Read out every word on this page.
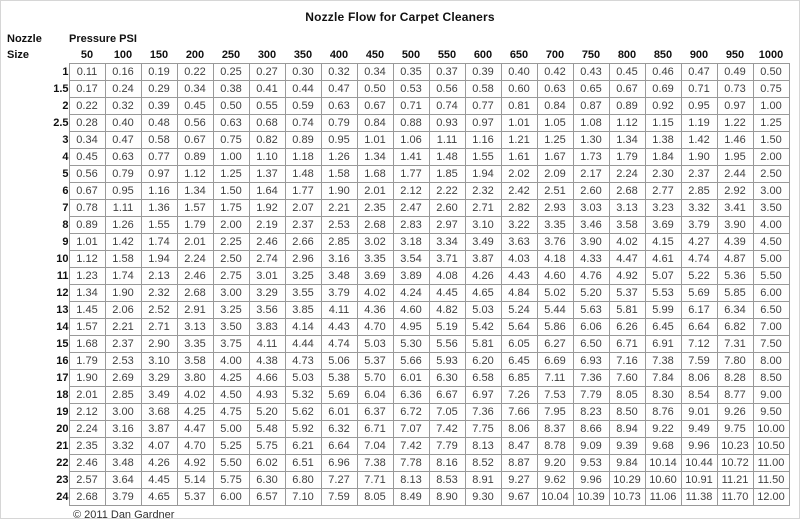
Nozzle Flow for Carpet Cleaners
Nozzle	Pressure PSI																			
Size	50	100	150	200	250	300	350	400	450	500	550	600	650	700	750	800	850	900	950	1000
1	0.11	0.16	0.19	0.22	0.25	0.27	0.30	0.32	0.34	0.35	0.37	0.39	0.40	0.42	0.43	0.45	0.46	0.47	0.49	0.50
1.5	0.17	0.24	0.29	0.34	0.38	0.41	0.44	0.47	0.50	0.53	0.56	0.58	0.60	0.63	0.65	0.67	0.69	0.71	0.73	0.75
2	0.22	0.32	0.39	0.45	0.50	0.55	0.59	0.63	0.67	0.71	0.74	0.77	0.81	0.84	0.87	0.89	0.92	0.95	0.97	1.00
2.5	0.28	0.40	0.48	0.56	0.63	0.68	0.74	0.79	0.84	0.88	0.93	0.97	1.01	1.05	1.08	1.12	1.15	1.19	1.22	1.25
3	0.34	0.47	0.58	0.67	0.75	0.82	0.89	0.95	1.01	1.06	1.11	1.16	1.21	1.25	1.30	1.34	1.38	1.42	1.46	1.50
4	0.45	0.63	0.77	0.89	1.00	1.10	1.18	1.26	1.34	1.41	1.48	1.55	1.61	1.67	1.73	1.79	1.84	1.90	1.95	2.00
5	0.56	0.79	0.97	1.12	1.25	1.37	1.48	1.58	1.68	1.77	1.85	1.94	2.02	2.09	2.17	2.24	2.30	2.37	2.44	2.50
6	0.67	0.95	1.16	1.34	1.50	1.64	1.77	1.90	2.01	2.12	2.22	2.32	2.42	2.51	2.60	2.68	2.77	2.85	2.92	3.00
7	0.78	1.11	1.36	1.57	1.75	1.92	2.07	2.21	2.35	2.47	2.60	2.71	2.82	2.93	3.03	3.13	3.23	3.32	3.41	3.50
8	0.89	1.26	1.55	1.79	2.00	2.19	2.37	2.53	2.68	2.83	2.97	3.10	3.22	3.35	3.46	3.58	3.69	3.79	3.90	4.00
9	1.01	1.42	1.74	2.01	2.25	2.46	2.66	2.85	3.02	3.18	3.34	3.49	3.63	3.76	3.90	4.02	4.15	4.27	4.39	4.50
10	1.12	1.58	1.94	2.24	2.50	2.74	2.96	3.16	3.35	3.54	3.71	3.87	4.03	4.18	4.33	4.47	4.61	4.74	4.87	5.00
11	1.23	1.74	2.13	2.46	2.75	3.01	3.25	3.48	3.69	3.89	4.08	4.26	4.43	4.60	4.76	4.92	5.07	5.22	5.36	5.50
12	1.34	1.90	2.32	2.68	3.00	3.29	3.55	3.79	4.02	4.24	4.45	4.65	4.84	5.02	5.20	5.37	5.53	5.69	5.85	6.00
13	1.45	2.06	2.52	2.91	3.25	3.56	3.85	4.11	4.36	4.60	4.82	5.03	5.24	5.44	5.63	5.81	5.99	6.17	6.34	6.50
14	1.57	2.21	2.71	3.13	3.50	3.83	4.14	4.43	4.70	4.95	5.19	5.42	5.64	5.86	6.06	6.26	6.45	6.64	6.82	7.00
15	1.68	2.37	2.90	3.35	3.75	4.11	4.44	4.74	5.03	5.30	5.56	5.81	6.05	6.27	6.50	6.71	6.91	7.12	7.31	7.50
16	1.79	2.53	3.10	3.58	4.00	4.38	4.73	5.06	5.37	5.66	5.93	6.20	6.45	6.69	6.93	7.16	7.38	7.59	7.80	8.00
17	1.90	2.69	3.29	3.80	4.25	4.66	5.03	5.38	5.70	6.01	6.30	6.58	6.85	7.11	7.36	7.60	7.84	8.06	8.28	8.50
18	2.01	2.85	3.49	4.02	4.50	4.93	5.32	5.69	6.04	6.36	6.67	6.97	7.26	7.53	7.79	8.05	8.30	8.54	8.77	9.00
19	2.12	3.00	3.68	4.25	4.75	5.20	5.62	6.01	6.37	6.72	7.05	7.36	7.66	7.95	8.23	8.50	8.76	9.01	9.26	9.50
20	2.24	3.16	3.87	4.47	5.00	5.48	5.92	6.32	6.71	7.07	7.42	7.75	8.06	8.37	8.66	8.94	9.22	9.49	9.75	10.00
21	2.35	3.32	4.07	4.70	5.25	5.75	6.21	6.64	7.04	7.42	7.79	8.13	8.47	8.78	9.09	9.39	9.68	9.96	10.23	10.50
22	2.46	3.48	4.26	4.92	5.50	6.02	6.51	6.96	7.38	7.78	8.16	8.52	8.87	9.20	9.53	9.84	10.14	10.44	10.72	11.00
23	2.57	3.64	4.45	5.14	5.75	6.30	6.80	7.27	7.71	8.13	8.53	8.91	9.27	9.62	9.96	10.29	10.60	10.91	11.21	11.50
24	2.68	3.79	4.65	5.37	6.00	6.57	7.10	7.59	8.05	8.49	8.90	9.30	9.67	10.04	10.39	10.73	11.06	11.38	11.70	12.00
© 2011 Dan Gardner
